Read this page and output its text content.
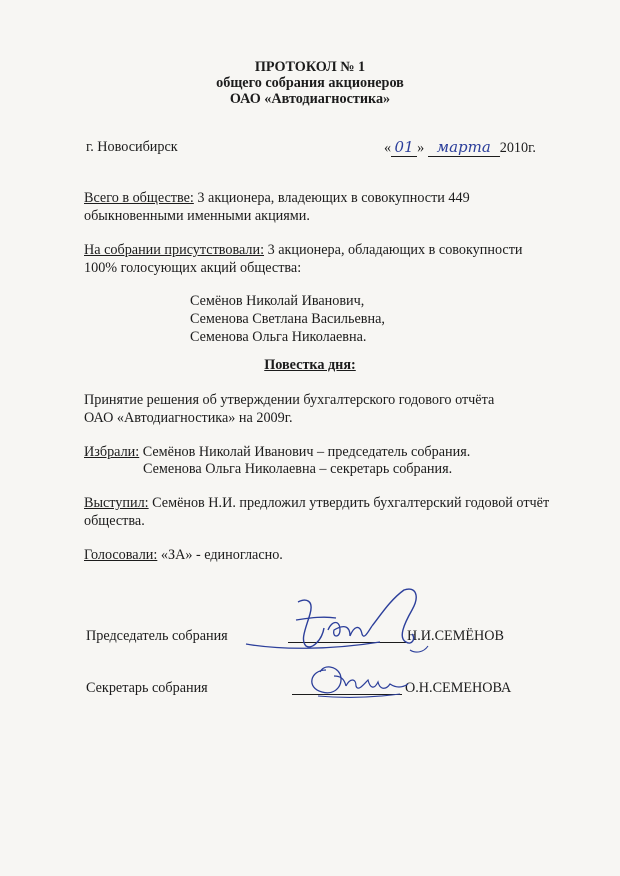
ПРОТОКОЛ № 1
общего собрания акционеров
ОАО «Автодиагностика»
г. Новосибирск	« 01 » марта 2010г.
Всего в обществе: 3 акционера, владеющих в совокупности 449
обыкновенными именными акциями.
На собрании присутствовали: 3 акционера, обладающих в совокупности
100% голосующих акций общества:
Семёнов Николай Иванович,
Семенова Светлана Васильевна,
Семенова Ольга Николаевна.
Повестка дня:
Принятие решения об утверждении бухгалтерского годового отчёта
ОАО «Автодиагностика» на 2009г.
Избрали: Семёнов Николай Иванович – председатель собрания.
Семенова Ольга Николаевна – секретарь собрания.
Выступил: Семёнов Н.И. предложил утвердить бухгалтерский годовой отчёт
общества.
Голосовали: «ЗА» - единогласно.
Председатель собрания	Н.И.СЕМЁНОВ
Секретарь собрания	О.Н.СЕМЕНОВА
